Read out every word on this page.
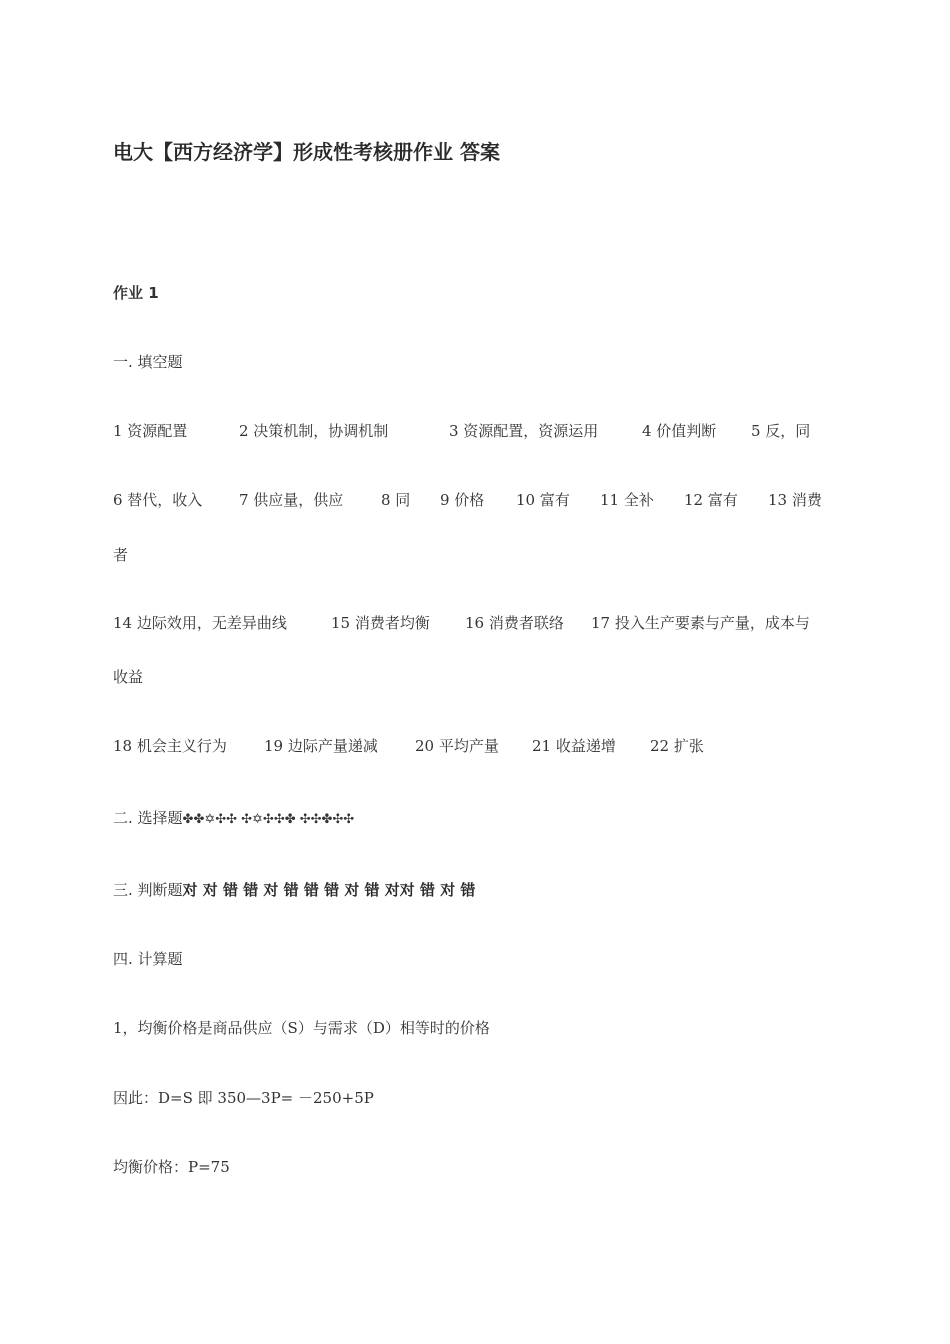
电大【西方经济学】形成性考核册作业 答案
作业 1
一. 填空题
1 资源配置	2 决策机制，协调机制	3 资源配置，资源运用	4 价值判断	5 反，同
6 替代，收入	7 供应量，供应	8 同	9 价格	10 富有	11 全补	12 富有	13 消费
者
14 边际效用，无差异曲线	15 消费者均衡	16 消费者联络	17 投入生产要素与产量，成本与
收益
18 机会主义行为	19 边际产量递减	20 平均产量	21 收益递增	22 扩张
二. 选择题✤✤✡✣✣ ✣✡✣✣✤ ✣✣✤✣✣
三. 判断题对 对 错 错 对 错 错 错 对 错 对对 错 对 错
四. 计算题
1，均衡价格是商品供应（S）与需求（D）相等时的价格
因此：D=S 即 350—3P= －250+5P
均衡价格：P=75
